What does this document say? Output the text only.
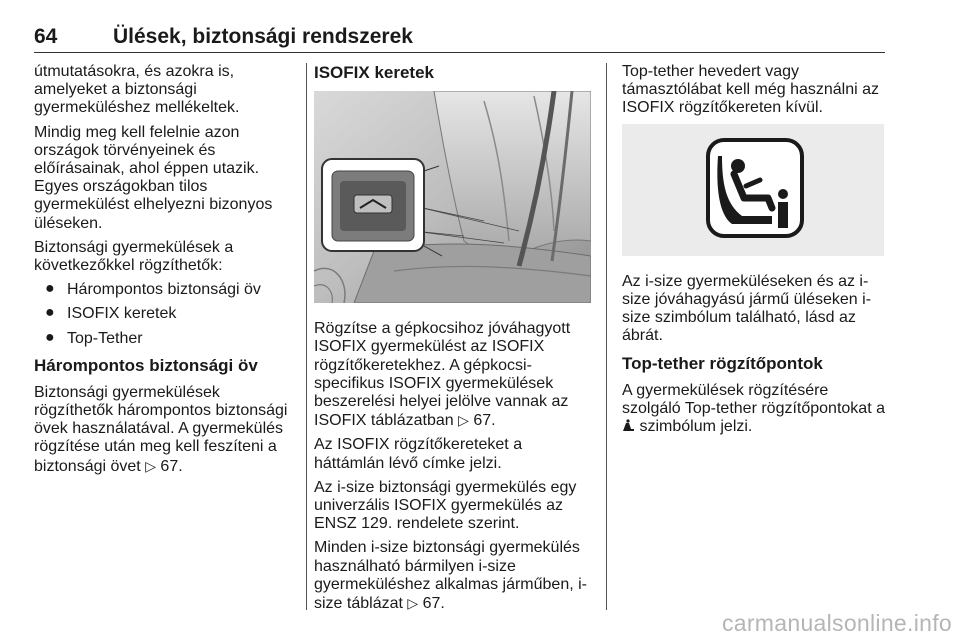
64	Ülések, biztonsági rendszerek

útmutatásokra, és azokra is, amelyeket a biztonsági gyermeküléshez mellékeltek.

Mindig meg kell felelnie azon országok törvényeinek és előírásainak, ahol éppen utazik. Egyes országokban tilos gyermekülést elhelyezni bizonyos üléseken.

Biztonsági gyermekülések a következőkkel rögzíthetők:

● Hárompontos biztonsági öv
● ISOFIX keretek
● Top-Tether
Hárompontos biztonsági öv

Biztonsági gyermekülések rögzíthetők hárompontos biztonsági övek használatával. A gyermekülés rögzítése után meg kell feszíteni a biztonsági övet ▷ 67.

ISOFIX keretek

Rögzítse a gépkocsihoz jóváhagyott ISOFIX gyermekülést az ISOFIX rögzítőkeretekhez. A gépkocsi-specifikus ISOFIX gyermekülések beszerelési helyei jelölve vannak az ISOFIX táblázatban ▷ 67.

Az ISOFIX rögzítőkereteket a háttámlán lévő címke jelzi.

Az i-size biztonsági gyermekülés egy univerzális ISOFIX gyermekülés az ENSZ 129. rendelete szerint.

Minden i-size biztonsági gyermekülés használható bármilyen i-size gyermeküléshez alkalmas járműben, i-size táblázat ▷ 67.

Top-tether hevedert vagy támasztólábat kell még használni az ISOFIX rögzítőkereten kívül.

Az i-size gyermeküléseken és az i-size jóváhagyású jármű üléseken i-size szimbólum található, lásd az ábrát.

Top-tether rögzítőpontok

A gyermekülések rögzítésére szolgáló Top-tether rögzítőpontokat a  szimbólum jelzi.

carmanualsonline.info
